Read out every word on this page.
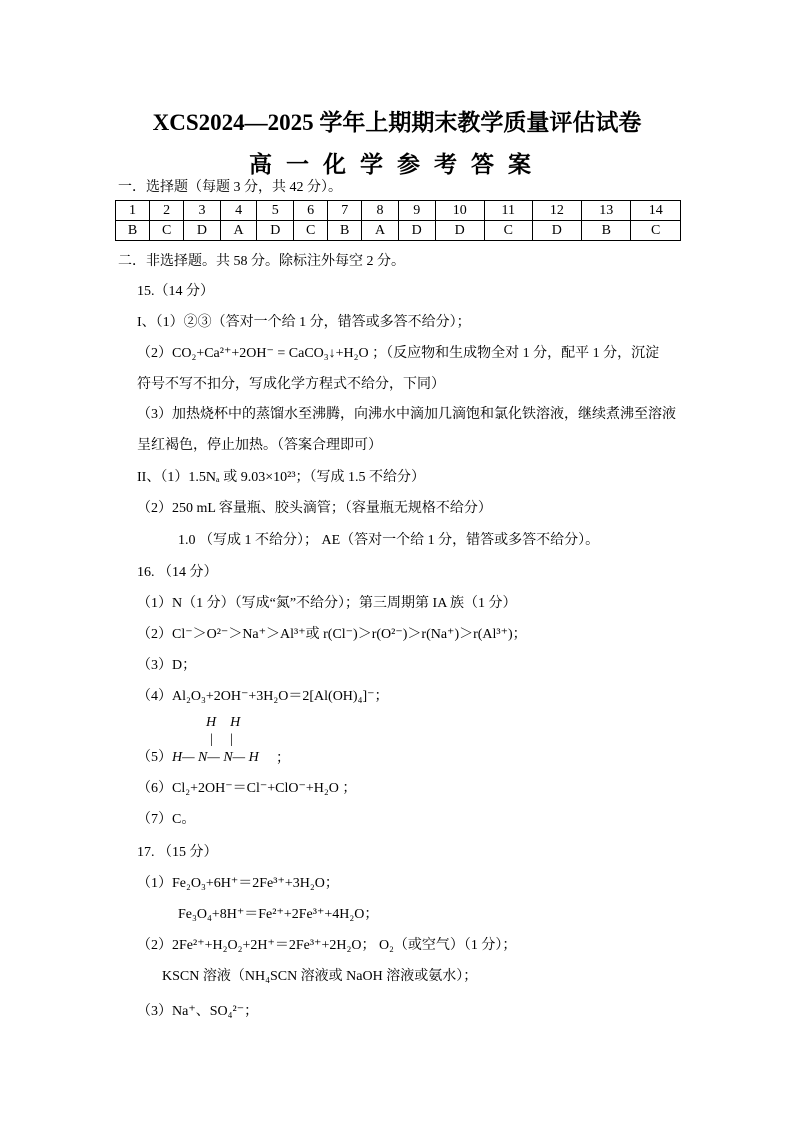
XCS2024—2025 学年上期期末教学质量评估试卷
高一化学参考答案
一．选择题（每题 3 分，共 42 分）。
1	2	3	4	5	6	7	8	9	10	11	12	13	14
B	C	D	A	D	C	B	A	D	D	C	D	B	C
二．非选择题。共 58 分。除标注外每空 2 分。
15.（14 分）
I、（1）②③（答对一个给 1 分，错答或多答不给分）；
（2）CO₂+Ca²⁺+2OH⁻ = CaCO₃↓+H₂O ；（反应物和生成物全对 1 分，配平 1 分，沉淀
符号不写不扣分，写成化学方程式不给分，下同）
（3）加热烧杯中的蒸馏水至沸腾，向沸水中滴加几滴饱和氯化铁溶液，继续煮沸至溶液
呈红褐色，停止加热。（答案合理即可）
II、（1）1.5Nₐ 或 9.03×10²³；（写成 1.5 不给分）
（2）250 mL 容量瓶、胶头滴管；（容量瓶无规格不给分）
1.0 （写成 1 不给分）； AE（答对一个给 1 分，错答或多答不给分）。
16. （14 分）
（1）N（1 分）（写成“氮”不给分）；第三周期第 IA 族（1 分）
（2）Cl⁻＞O²⁻＞Na⁺＞Al³⁺或 r(Cl⁻)＞r(O²⁻)＞r(Na⁺)＞r(Al³⁺)；
（3）D；
（4）Al₂O₃+2OH⁻+3H₂O＝2[Al(OH)₄]⁻；
H    H
|     |
（5） H— N— N— H ；
（6）Cl₂+2OH⁻＝Cl⁻+ClO⁻+H₂O ；
（7）C。
17. （15 分）
（1）Fe₂O₃+6H⁺＝2Fe³⁺+3H₂O；
Fe₃O₄+8H⁺＝Fe²⁺+2Fe³⁺+4H₂O；
（2）2Fe²⁺+H₂O₂+2H⁺＝2Fe³⁺+2H₂O； O₂（或空气）（1 分）；
KSCN 溶液（NH₄SCN 溶液或 NaOH 溶液或氨水）；
（3）Na⁺、SO₄²⁻；
